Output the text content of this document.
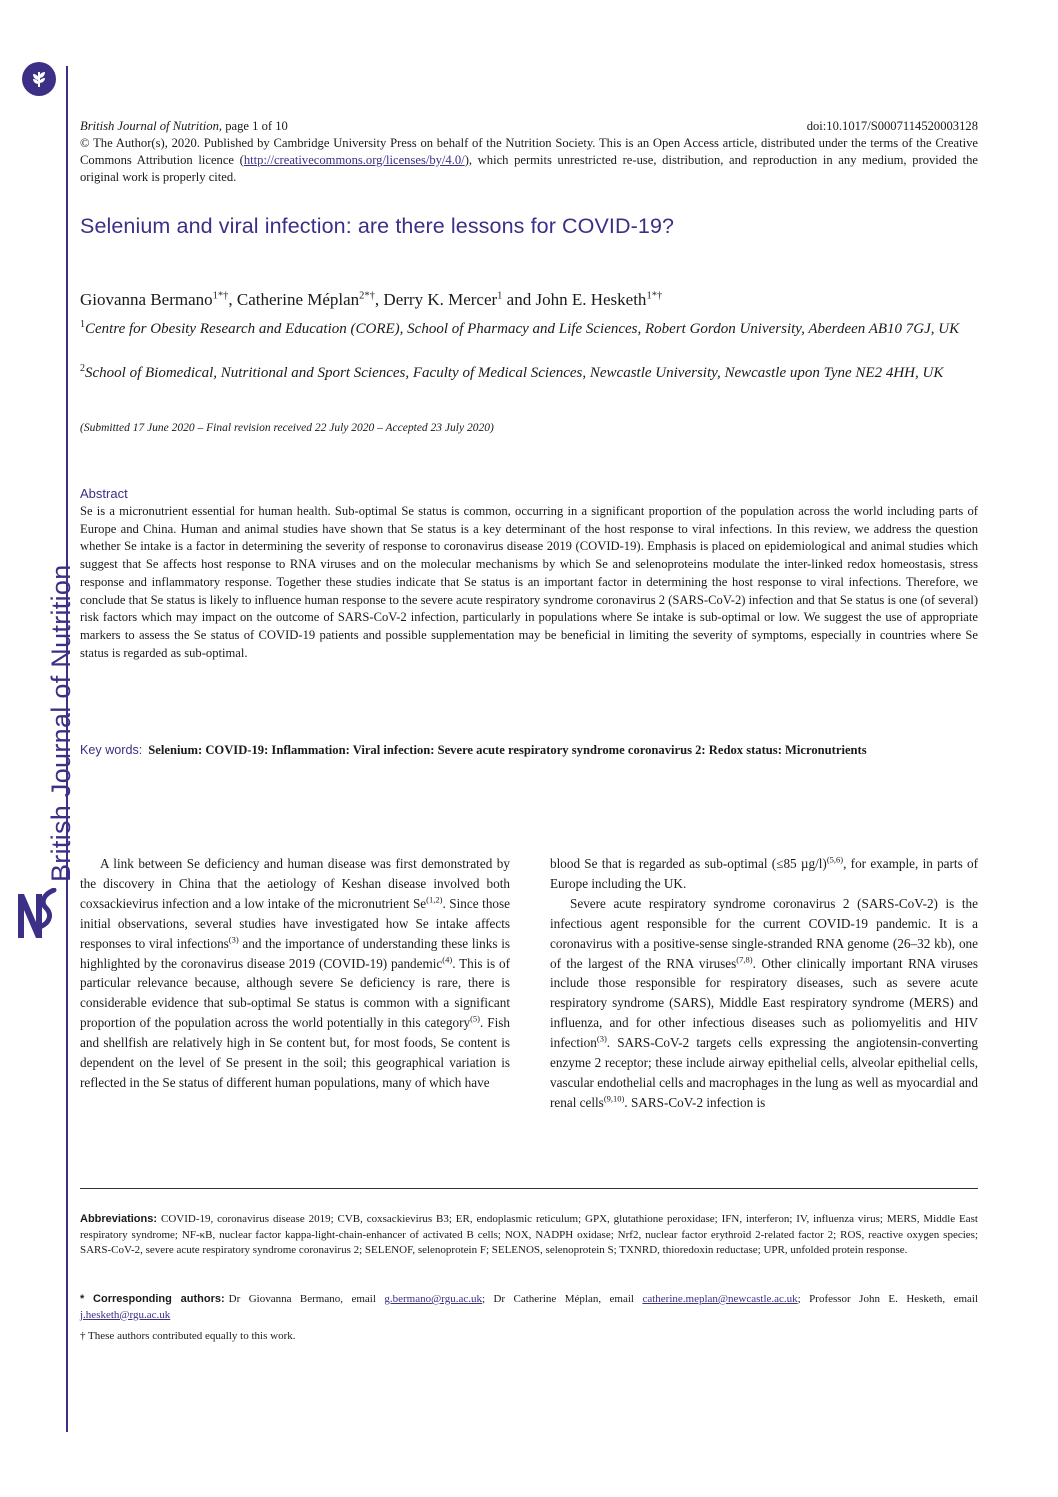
British Journal of Nutrition
British Journal of Nutrition, page 1 of 10	doi:10.1017/S0007114520003128
© The Author(s), 2020. Published by Cambridge University Press on behalf of the Nutrition Society. This is an Open Access article, distributed under the terms of the Creative Commons Attribution licence (http://creativecommons.org/licenses/by/4.0/), which permits unrestricted re-use, distribution, and reproduction in any medium, provided the original work is properly cited.
Selenium and viral infection: are there lessons for COVID-19?
Giovanna Bermano$^{1*\dagger}$, Catherine Méplan$^{2*\dagger}$, Derry K. Mercer$^1$ and John E. Hesketh$^{1*\dagger}$
$^1$Centre for Obesity Research and Education (CORE), School of Pharmacy and Life Sciences, Robert Gordon University, Aberdeen AB10 7GJ, UK
$^2$School of Biomedical, Nutritional and Sport Sciences, Faculty of Medical Sciences, Newcastle University, Newcastle upon Tyne NE2 4HH, UK
(Submitted 17 June 2020 – Final revision received 22 July 2020 – Accepted 23 July 2020)
Abstract

Se is a micronutrient essential for human health. Sub-optimal Se status is common, occurring in a significant proportion of the population across the world including parts of Europe and China. Human and animal studies have shown that Se status is a key determinant of the host response to viral infections. In this review, we address the question whether Se intake is a factor in determining the severity of response to coronavirus disease 2019 (COVID-19). Emphasis is placed on epidemiological and animal studies which suggest that Se affects host response to RNA viruses and on the molecular mechanisms by which Se and selenoproteins modulate the inter-linked redox homeostasis, stress response and inflammatory response. Together these studies indicate that Se status is an important factor in determining the host response to viral infections. Therefore, we conclude that Se status is likely to influence human response to the severe acute respiratory syndrome coronavirus 2 (SARS-CoV-2) infection and that Se status is one (of several) risk factors which may impact on the outcome of SARS-CoV-2 infection, particularly in populations where Se intake is sub-optimal or low. We suggest the use of appropriate markers to assess the Se status of COVID-19 patients and possible supplementation may be beneficial in limiting the severity of symptoms, especially in countries where Se status is regarded as sub-optimal.

Key words: Selenium: COVID-19: Inflammation: Viral infection: Severe acute respiratory syndrome coronavirus 2: Redox status: Micronutrients

A link between Se deficiency and human disease was first demonstrated by the discovery in China that the aetiology of Keshan disease involved both coxsackievirus infection and a low intake of the micronutrient Se$^{(1,2)}$. Since those initial observations, several studies have investigated how Se intake affects responses to viral infections$^{(3)}$ and the importance of understanding these links is highlighted by the coronavirus disease 2019 (COVID-19) pandemic$^{(4)}$. This is of particular relevance because, although severe Se deficiency is rare, there is considerable evidence that sub-optimal Se status is common with a significant proportion of the population across the world potentially in this category$^{(5)}$. Fish and shellfish are relatively high in Se content but, for most foods, Se content is dependent on the level of Se present in the soil; this geographical variation is reflected in the Se status of different human populations, many of which have

blood Se that is regarded as sub-optimal (≤85 µg/l)$^{(5,6)}$, for example, in parts of Europe including the UK.

Severe acute respiratory syndrome coronavirus 2 (SARS-CoV-2) is the infectious agent responsible for the current COVID-19 pandemic. It is a coronavirus with a positive-sense single-stranded RNA genome (26–32 kb), one of the largest of the RNA viruses$^{(7,8)}$. Other clinically important RNA viruses include those responsible for respiratory diseases, such as severe acute respiratory syndrome (SARS), Middle East respiratory syndrome (MERS) and influenza, and for other infectious diseases such as poliomyelitis and HIV infection$^{(3)}$. SARS-CoV-2 targets cells expressing the angiotensin-converting enzyme 2 receptor; these include airway epithelial cells, alveolar epithelial cells, vascular endothelial cells and macrophages in the lung as well as myocardial and renal cells$^{(9,10)}$. SARS-CoV-2 infection is

Abbreviations: COVID-19, coronavirus disease 2019; CVB, coxsackievirus B3; ER, endoplasmic reticulum; GPX, glutathione peroxidase; IFN, interferon; IV, influenza virus; MERS, Middle East respiratory syndrome; NF-κB, nuclear factor kappa-light-chain-enhancer of activated B cells; NOX, NADPH oxidase; Nrf2, nuclear factor erythroid 2-related factor 2; ROS, reactive oxygen species; SARS-CoV-2, severe acute respiratory syndrome coronavirus 2; SELENOF, selenoprotein F; SELENOS, selenoprotein S; TXNRD, thioredoxin reductase; UPR, unfolded protein response.

* Corresponding authors: Dr Giovanna Bermano, email g.bermano@rgu.ac.uk; Dr Catherine Méplan, email catherine.meplan@newcastle.ac.uk; Professor John E. Hesketh, email j.hesketh@rgu.ac.uk

† These authors contributed equally to this work.
